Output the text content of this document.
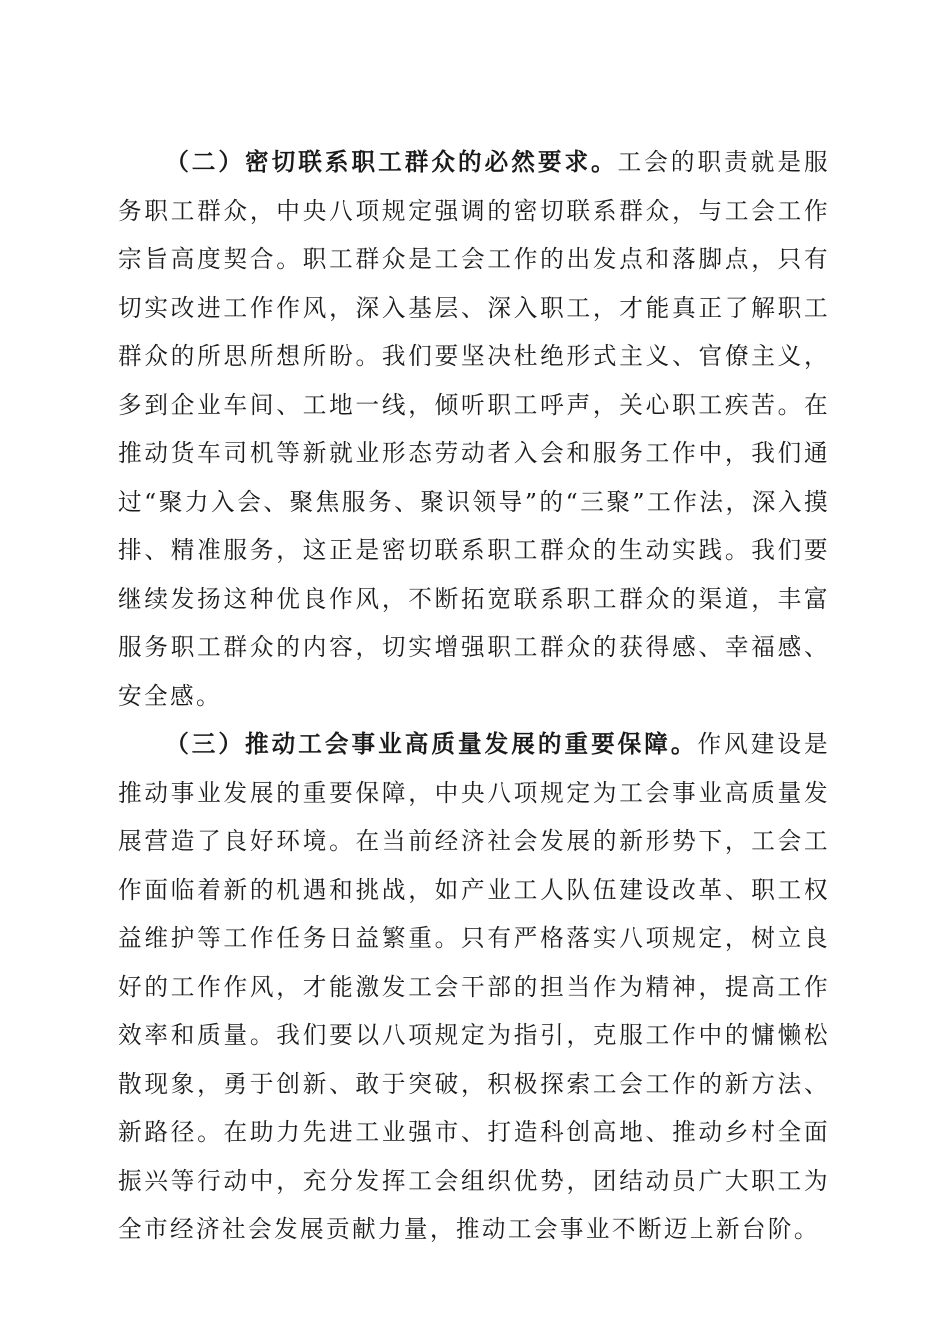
（二）密切联系职工群众的必然要求。工会的职责就是服务职工群众，中央八项规定强调的密切联系群众，与工会工作宗旨高度契合。职工群众是工会工作的出发点和落脚点，只有切实改进工作作风，深入基层、深入职工，才能真正了解职工群众的所思所想所盼。我们要坚决杜绝形式主义、官僚主义，多到企业车间、工地一线，倾听职工呼声，关心职工疾苦。在推动货车司机等新就业形态劳动者入会和服务工作中，我们通过“聚力入会、聚焦服务、聚识领导”的“三聚”工作法，深入摸排、精准服务，这正是密切联系职工群众的生动实践。我们要继续发扬这种优良作风，不断拓宽联系职工群众的渠道，丰富服务职工群众的内容，切实增强职工群众的获得感、幸福感、安全感。

（三）推动工会事业高质量发展的重要保障。作风建设是推动事业发展的重要保障，中央八项规定为工会事业高质量发展营造了良好环境。在当前经济社会发展的新形势下，工会工作面临着新的机遇和挑战，如产业工人队伍建设改革、职工权益维护等工作任务日益繁重。只有严格落实八项规定，树立良好的工作作风，才能激发工会干部的担当作为精神，提高工作效率和质量。我们要以八项规定为指引，克服工作中的慵懒松散现象，勇于创新、敢于突破，积极探索工会工作的新方法、新路径。在助力先进工业强市、打造科创高地、推动乡村全面振兴等行动中，充分发挥工会组织优势，团结动员广大职工为全市经济社会发展贡献力量，推动工会事业不断迈上新台阶。
